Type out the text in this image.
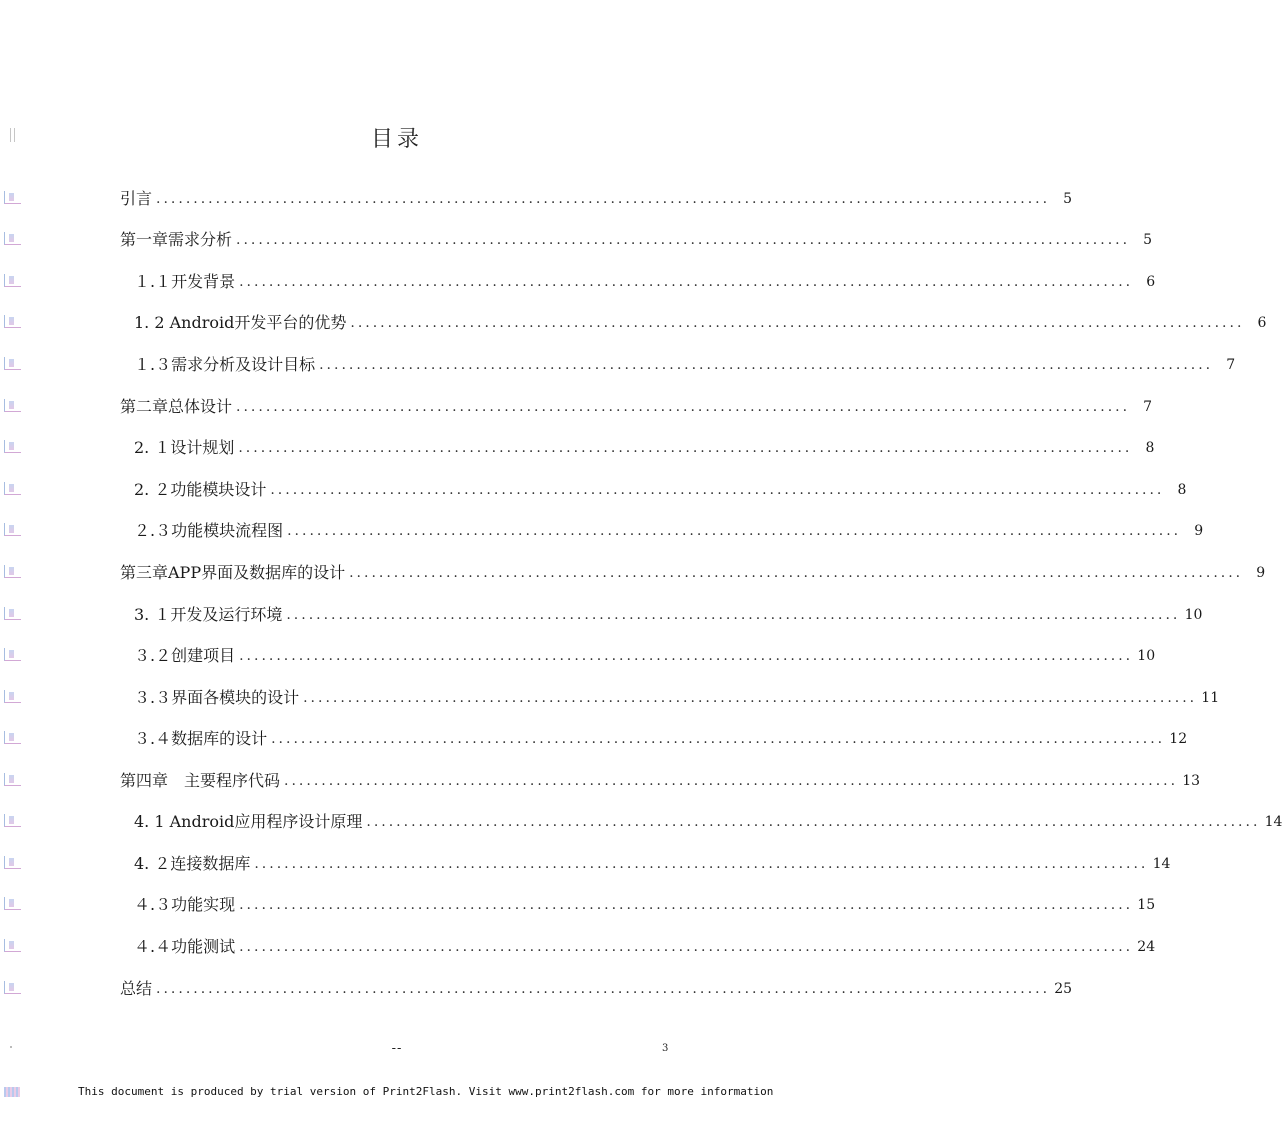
目录
引言 ........................................................................................................................ 5
第一章需求分析 ........................................................................................................................ 5
１.１开发背景 ........................................................................................................................ 6
1. 2 Android开发平台的优势 ........................................................................................................................ 6
１.３需求分析及设计目标 ........................................................................................................................ 7
第二章总体设计 ........................................................................................................................ 7
2. １设计规划 ........................................................................................................................ 8
2. ２功能模块设计 ........................................................................................................................ 8
２.３功能模块流程图 ........................................................................................................................ 9
第三章APP界面及数据库的设计 ........................................................................................................................ 9
3. １开发及运行环境 ........................................................................................................................ 10
３.２创建项目 ........................................................................................................................ 10
３.３界面各模块的设计 ........................................................................................................................ 11
３.４数据库的设计 ........................................................................................................................ 12
第四章　主要程序代码 ........................................................................................................................ 13
4. 1 Android应用程序设计原理 ........................................................................................................................ 14
4. ２连接数据库 ........................................................................................................................ 14
４.３功能实现 ........................................................................................................................ 15
４.４功能测试 ........................................................................................................................ 24
总结 ........................................................................................................................ 25
--	3
This document is produced by trial version of Print2Flash. Visit www.print2flash.com for more information
